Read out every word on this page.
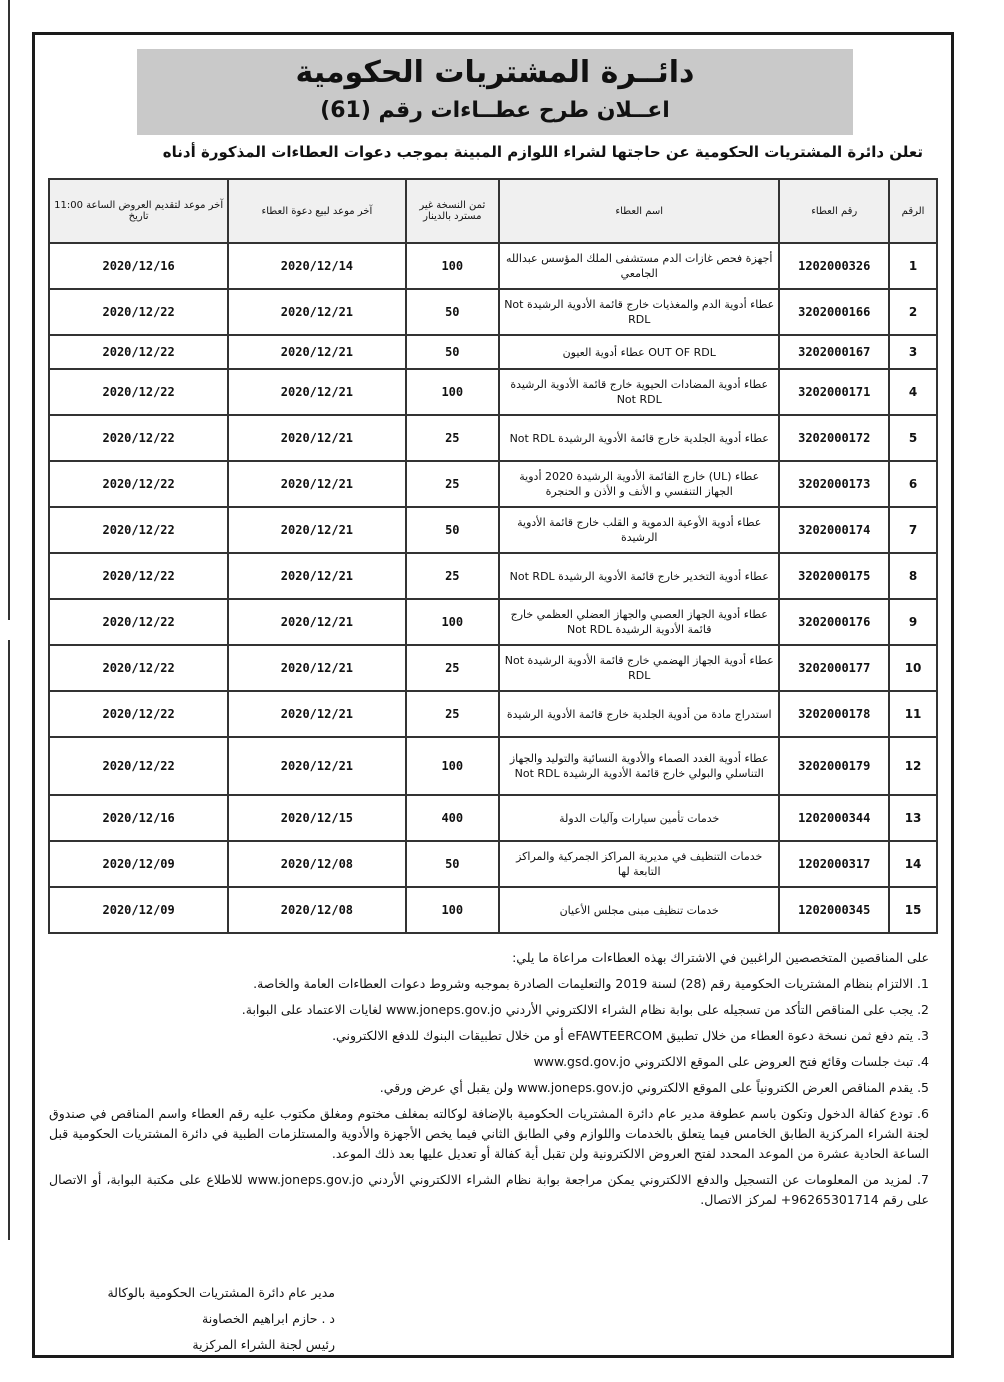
دائــرة المشتريات الحكومية
اعــلان طرح عطــاءات رقم (61)
تعلن دائرة المشتريات الحكومية عن حاجتها لشراء اللوازم المبينة بموجب دعوات العطاءات المذكورة أدناه
الرقم	رقم العطاء	اسم العطاء	ثمن النسخة غير مسترد بالدينار	آخر موعد لبيع دعوة العطاء	آخر موعد لتقديم العروض الساعة 11:00 تاريخ
1	1202000326	أجهزة فحص غازات الدم مستشفى الملك المؤسس عبدالله الجامعي	100	2020/12/14	2020/12/16
2	3202000166	عطاء أدوية الدم والمغذيات خارج قائمة الأدوية الرشيدة Not RDL	50	2020/12/21	2020/12/22
3	3202000167	OUT OF RDL عطاء أدوية العيون	50	2020/12/21	2020/12/22
4	3202000171	عطاء أدوية المضادات الحيوية خارج قائمة الأدوية الرشيدة Not RDL	100	2020/12/21	2020/12/22
5	3202000172	عطاء أدوية الجلدية خارج قائمة الأدوية الرشيدة Not RDL	25	2020/12/21	2020/12/22
6	3202000173	عطاء (UL) خارج القائمة الأدوية الرشيدة 2020 أدوية الجهاز التنفسي و الأنف و الأذن و الحنجرة	25	2020/12/21	2020/12/22
7	3202000174	عطاء أدوية الأوعية الدموية و القلب خارج قائمة الأدوية الرشيدة	50	2020/12/21	2020/12/22
8	3202000175	عطاء أدوية التخدير خارج قائمة الأدوية الرشيدة Not RDL	25	2020/12/21	2020/12/22
9	3202000176	عطاء أدوية الجهاز العصبي والجهاز العضلي العظمي خارج قائمة الأدوية الرشيدة Not RDL	100	2020/12/21	2020/12/22
10	3202000177	عطاء أدوية الجهاز الهضمي خارج قائمة الأدوية الرشيدة Not RDL	25	2020/12/21	2020/12/22
11	3202000178	استدراج مادة من أدوية الجلدية خارج قائمة الأدوية الرشيدة	25	2020/12/21	2020/12/22
12	3202000179	عطاء أدوية الغدد الصماء والأدوية النسائية والتوليد والجهاز التناسلي والبولي خارج قائمة الأدوية الرشيدة Not RDL	100	2020/12/21	2020/12/22
13	1202000344	خدمات تأمين سيارات وآليات الدولة	400	2020/12/15	2020/12/16
14	1202000317	خدمات التنظيف في مديرية المراكز الجمركية والمراكز التابعة لها	50	2020/12/08	2020/12/09
15	1202000345	خدمات تنظيف مبنى مجلس الأعيان	100	2020/12/08	2020/12/09

على المناقصين المتخصصين الراغبين في الاشتراك بهذه العطاءات مراعاة ما يلي:

1. الالتزام بنظام المشتريات الحكومية رقم (28) لسنة 2019 والتعليمات الصادرة بموجبه وشروط دعوات العطاءات العامة والخاصة.

2. يجب على المناقص التأكد من تسجيله على بوابة نظام الشراء الالكتروني الأردني www.joneps.gov.jo لغايات الاعتماد على البوابة.

3. يتم دفع ثمن نسخة دعوة العطاء من خلال تطبيق eFAWTEERCOM أو من خلال تطبيقات البنوك للدفع الالكتروني.

4. تبث جلسات وقائع فتح العروض على الموقع الالكتروني www.gsd.gov.jo

5. يقدم المناقص العرض الكترونياً على الموقع الالكتروني www.joneps.gov.jo ولن يقبل أي عرض ورقي.

6. تودع كفالة الدخول وتكون باسم عطوفة مدير عام دائرة المشتريات الحكومية بالإضافة لوكالته بمغلف مختوم ومغلق مكتوب عليه رقم العطاء واسم المناقص في صندوق لجنة الشراء المركزية الطابق الخامس فيما يتعلق بالخدمات واللوازم وفي الطابق الثاني فيما يخص الأجهزة والأدوية والمستلزمات الطبية في دائرة المشتريات الحكومية قبل الساعة الحادية عشرة من الموعد المحدد لفتح العروض الالكترونية ولن تقبل أية كفالة أو تعديل عليها بعد ذلك الموعد.

7. لمزيد من المعلومات عن التسجيل والدفع الالكتروني يمكن مراجعة بوابة نظام الشراء الالكتروني الأردني www.joneps.gov.jo للاطلاع على مكتبة البوابة، أو الاتصال على رقم 96265301714+ لمركز الاتصال.

مدير عام دائرة المشتريات الحكومية بالوكالة
د . حازم ابراهيم الخصاونة
رئيس لجنة الشراء المركزية
